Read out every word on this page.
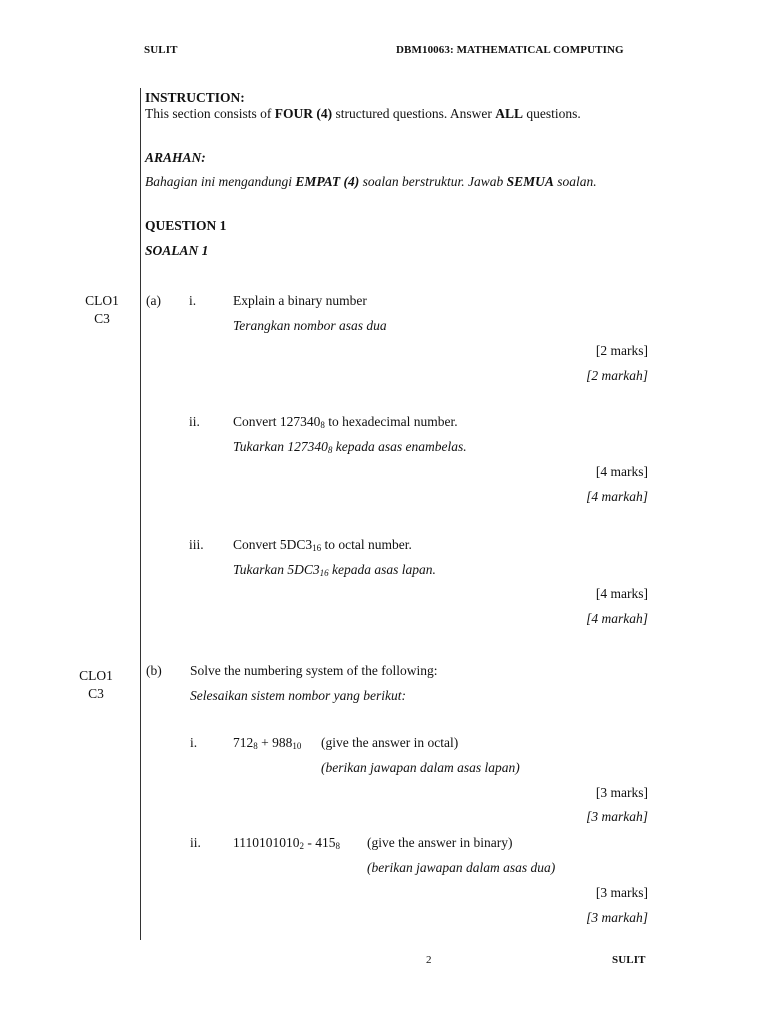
SULIT	DBM10063: MATHEMATICAL COMPUTING
INSTRUCTION:
This section consists of FOUR (4) structured questions. Answer ALL questions.
ARAHAN:
Bahagian ini mengandungi EMPAT (4) soalan berstruktur. Jawab SEMUA soalan.
QUESTION 1
SOALAN 1
CLO1
C3
(a) i.	Explain a binary number
Terangkan nombor asas dua
[2 marks]
[2 markah]
ii. Convert $127340_8$ to hexadecimal number.
Tukarkan $127340_8$ kepada asas enambelas.
[4 marks]
[4 markah]
iii. Convert $5DC3_{16}$ to octal number.
Tukarkan $5DC3_{16}$ kepada asas lapan.
[4 marks]
[4 markah]
CLO1
C3
(b) Solve the numbering system of the following:
Selesaikan sistem nombor yang berikut:
i.	$712_8 + 988_{10}$ (give the answer in octal)
(berikan jawapan dalam asas lapan)
[3 marks]
[3 markah]
ii. $1110101010_2 - 415_8$ (give the answer in binary)
(berikan jawapan dalam asas dua)
[3 marks]
[3 markah]
2	SULIT
